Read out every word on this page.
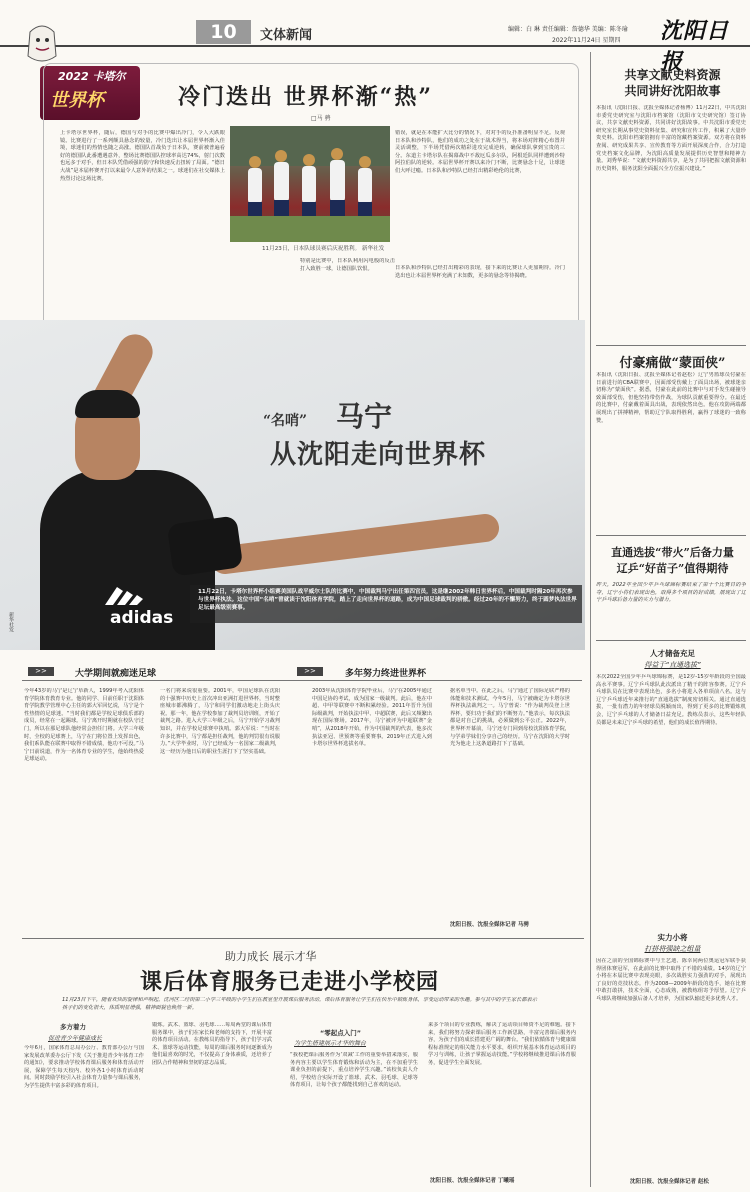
10	文体新闻	编辑：白 琳 责任编辑：詹德华 美编：陈冬瑜
2022年11月24日 星期四 沈阳日报
2022 卡塔尔
世界杯	冷门迭出 世界杯渐“热”
□马 骋
上卡塔尔世界杯，随后，德国与对手的比赛中爆出冷门，令人大跌眼镜。比赛进行了一系列颇具悬念的较量，冷门迭出让本届世界杯渐入佳境，球迷们的热情也随之高涨。德国队首战负于日本队，赛前被普遍看好的德国队此番遭遇意外，整场比赛德国队控球率高达74%，射门次数也远多于对手，但日本队凭借顽强的防守和快速反击扭转了局面。“德日大战”是本届杯赛开打以来最令人意外的结果之一。球迷们在社交媒体上热烈讨论这场比赛。
11月23日，日本队球员赛后庆祝胜利。 新华社发
错误，就是在本能扩大比分的情况下，对对手的反扑准备明显不足。反观日本队和沙特队，他们的成功之处在于战术得当，将本场对阵精心布置并灵活调整，下半场凭借两次精彩进攻完成逆转，确保球队拿到宝贵的三分。东道主卡塔尔队在揭幕战中不敌厄瓜多尔队，阿根廷队同样遭到沙特阿拉伯队的逆转。本届世界杯开赛以来冷门不断，比赛悬念十足，让球迷们大呼过瘾。日本队和沙特队已经打出精彩绝伦的比赛，
特别是比赛中，日本队利用闪电般的反击打入致胜一球，让德国队饮恨。	日本队和沙特队已经打出精彩的表现，接下来的比赛让人更加期待。冷门迭出也让本届世界杯充满了未知数，更多的悬念等待揭晓。
adidas
“名哨” 马宁
从沈阳走向世界杯
11月22日，卡塔尔世界杯小组赛美国队战平威尔士队的比赛中，中国裁判马宁出任第四官员，这是继2002年韩日世界杯后，中国裁判时隔20年再次参与世界杯执法。这位中国“名哨”曾就读于沈阳体育学院，踏上了走向世界杯的道路，成为中国足球裁判的骄傲。经过20年的不懈努力，终于圆梦执法世界足坛最高级别赛事。
新华社发
>>	大学期间就痴迷足球	>>	多年努力终进世界杯
今年43岁的马宁是辽宁阜新人，1999年考入沈阳体育学院体育教育专业。他的同学、目前任职于沈阳体育学院教学管理中心主任的郭大军回忆说，马宁是个性热情的足球迷。“当时我们都是学校足球俱乐部的成员，经常在一起踢球。马宁离开时期就在校队守过门，所以在那足球队他经常会担任门将。大学三年级时，全校的足球赛上，马宁在门将位置上发挥出色，我们系队能在联赛中取得不错成绩，他功不可没。”马宁日前说道，作为一名体育专业的学生，他始终热爱足球运动。
一名门将来说很重要。2001年，中国足球队在沈阳的十强赛中历史上首次冲出亚洲打进世界杯，当时整座城市都沸腾了，马宁和同学们激动地走上街头庆祝。那一年，他在学校参加了裁判员培训班，开始了裁判之路。进入大学三年级之后，马宁开始学习裁判知识，并在学校足球赛中执哨。郭大军说：“当时在许多比赛中，马宁都是担任裁判，他的判罚很有说服力。”大学毕业时，马宁已经成为一名国家二级裁判，这一经历为他日后的职业生涯打下了坚实基础。
2003年从沈阳体育学院毕业后，马宁在2005年通过中国足协的考试，成为国家一级裁判。此后，他在中超、中甲等联赛中不断积累经验。2011年晋升为国际级裁判，开始执法中甲、中超联赛，此后又频繁出现在国际赛场。2017年，马宁被评为中超联赛“金哨”，从2018年开始，作为中国裁判的代表，他多次执法亚冠、世预赛等重要赛事。2019年正式进入到卡塔尔世界杯选拔名单。
据名单当中。在此之后，马宁通过了国际足联严格的体能和技术测试。今年5月，马宁被确定为卡塔尔世界杯执法裁判之一。马宁曾说：“作为裁判员登上世界杯，要归功于我们的不断努力。”他表示，每次执法都是对自己的挑战，必须做到公平公正。2022年，世界杯开幕前，马宁还专门回到母校沈阳体育学院，与学弟学妹们分享自己的经历。马宁在沈阳的大学时光为他走上这条道路打下了基础。
沈阳日报、沈报全媒体记者 马骋
助力成长 展示才华
课后体育服务已走进小学校园
11月23日下午，随着欢快的旋律和声响起，沈河区二经街第二小学三年级的小学生们在教室里开展课后服务活动。课后体育服务让学生们在快乐中锻炼身体，享受运动带来的乐趣。参与其中的学生家长都表示孩子们的变化很大，体质明显增强，精神面貌也焕然一新。
多方着力
促进青少年健康成长
今年6月，国家体育总局办公厅、教育部办公厅与国家发展改革委办公厅下发《关于推进青少年体育工作的通知》，要求推动学校体育课后服务和体育活动开展，保障学生每天校内、校外各1小时体育活动时间。同时鼓励学校引入社会体育力量参与课后服务，为学生提供丰富多彩的体育项目。
锻炼。武术、篮球、羽毛球……每周两堂的课后体育服务课中，孩子们在家长和老师的支持下，开展丰富的体育项目活动。在教练员的指导下，孩子们学习武术、篮球等运动技能，每周的课后服务时间逐渐成为他们最喜欢的时光，不仅提高了身体素质，还培养了团队合作精神和坚韧的意志品质。
“零起点入门”
为学生搭建展示才华的舞台
“我校把课后服务作为‘双减’工作的重要举措来落实，服务内容主要以学生体育锻炼和活动为主，在不加重学生课业负担的前提下，重点培养学生兴趣。”该校负责人介绍，学校结合实际开设了篮球、武术、羽毛球、足球等体育项目，让每个孩子都能找到自己喜欢的运动。
来多个项目的专业教练，解决了运动项目师资不足的难题。接下来，我们将努力探索课后服务工作新思路，丰富完善课后服务内容，为孩子们的成长搭建更广阔的舞台。“我们依循体育与健康课程标准规定的相关能力水平要求，组织开展基本体育运动项目的学习与训练，让孩子掌握运动技能。”学校将继续推进课后体育服务，促进学生全面发展。
沈阳日报、沈报全媒体记者 丁曦瑶
共享文献史料资源
共同讲好沈阳故事
本报讯（沈阳日报、沈报全媒体记者杨博）11月22日，中共沈阳市委党史研究室与沈阳市档案馆（沈阳市文史研究馆）签订协议，共享文献史料资源，共同讲好沈阳故事。中共沈阳市委党史研究室长期从事党史资料征集、研究和宣传工作，积累了大量珍贵史料。沈阳市档案馆拥有丰富的馆藏档案资源。双方将在资料查阅、研究成果共享、宣传教育等方面开展深度合作，合力打造党史档案文化品牌，为沈阳高质量发展提供历史智慧和精神力量。刘秀华说：“文献史料资源共享，是为了共同把握文献资源和历史资料，服务沈阳全面振兴全方位振兴建设。”
付豪痛做“蒙面侠”
本报讯（沈阳日报、沈报全媒体记者赵松）辽宁男篮球员付豪在日前进行的CBA联赛中，因面部受伤戴上了面具出场，被球迷亲切称为“蒙面侠”。据悉，付豪在此前的比赛中与对手发生碰撞导致面部受伤，但他坚持带伤作战，为球队贡献重要得分。在最近的比赛中，付豪戴着面具出战，表现依然出色。他在攻防两端都展现出了拼搏精神，帮助辽宁队取得胜利，赢得了球迷的一致称赞。
直通选拔“带火”后备力量
辽乒“好苗子”值得期待
昨天，2022年全国少年乒乓球锦标赛结束了第十个比赛日的争夺，辽宁小将们表现出色，取得多个项目的好成绩，展现出了辽宁乒乓球后备力量的实力与潜力。
人才储备充足
得益于“直通选拔”
本次2022全国少年乒乓球锦标赛，是12岁-15岁年龄段的全国最高水平赛事。辽宁乒乓球队此次派出了精干的阵容参赛。辽宁乒乓球队员在比赛中表现出色，多名小将进入各单项前八名。这与辽宁乒乓球近年来推行的“直通选拔”制度密切相关。通过直通选拔，一批有潜力的年轻球员脱颖而出，得到了更多的比赛锻炼机会，辽宁乒乓球的人才储备日益充足。教练员表示，这些年轻队员都是未来辽宁乒乓球的希望，他们的成长值得期待。
实力小将
打拼将强缺之组量
因在之前的全国锦标赛中与王艺迪、陈幸同两位奥运冠军联手获得团体赛冠军，在此前的比赛中取得了不错的成绩。14岁的辽宁小将在本届比赛中表现亮眼，多次战胜实力强劲的对手，展现出了良好的竞技状态。作为2008—2009年龄段的选手，她在比赛中敢打敢拼，技术全面，心态成熟，被教练组寄予厚望。辽宁乒乓球队将继续加强后备人才培养，为国家队输送更多优秀人才。
沈阳日报、沈报全媒体记者 赵松
